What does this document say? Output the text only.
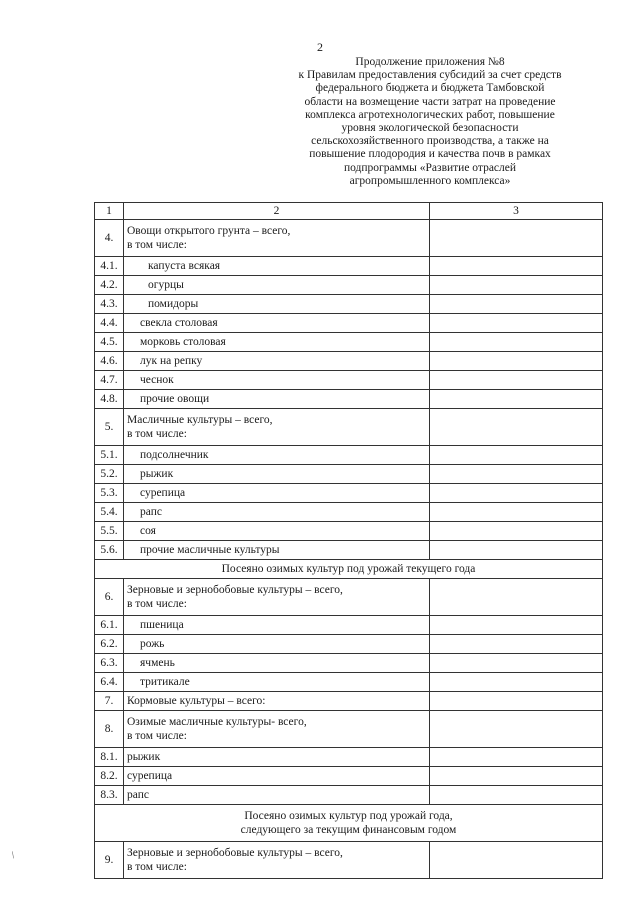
2
Продолжение приложения №8
к Правилам предоставления субсидий за счет средств
федерального бюджета и бюджета Тамбовской
области на возмещение части затрат на проведение
комплекса агротехнологических работ, повышение
уровня экологической безопасности
сельскохозяйственного производства, а также на
повышение плодородия и качества почв в рамках
подпрограммы «Развитие отраслей
агропромышленного комплекса»
1	2	3
4.	Овощи открытого грунта – всего,
в том числе:	

4.1.	капуста всякая	
4.2.	огурцы	
4.3.	помидоры	
4.4.	свекла столовая	
4.5.	морковь столовая	
4.6.	лук на репку	
4.7.	чеснок	
4.8.	прочие овощи	
5.	Масличные культуры – всего,
в том числе:	

5.1.	подсолнечник	
5.2.	рыжик	
5.3.	сурепица	
5.4.	рапс	
5.5.	соя	
5.6.	прочие масличные культуры	
Посеяно озимых культур под урожай текущего года		
6.	Зерновые и зернобобовые культуры – всего,
в том числе:	

6.1.	пшеница	
6.2.	рожь	
6.3.	ячмень	
6.4.	тритикале	
7.	Кормовые культуры – всего:	
8.	Озимые масличные культуры- всего,
в том числе:	

8.1.	рыжик	
8.2.	сурепица	
8.3.	рапс	

Посеяно озимых культур под урожай года,
следующего за текущим финансовым годом		

9.	Зерновые и зернобобовые культуры – всего,
в том числе:	

/
